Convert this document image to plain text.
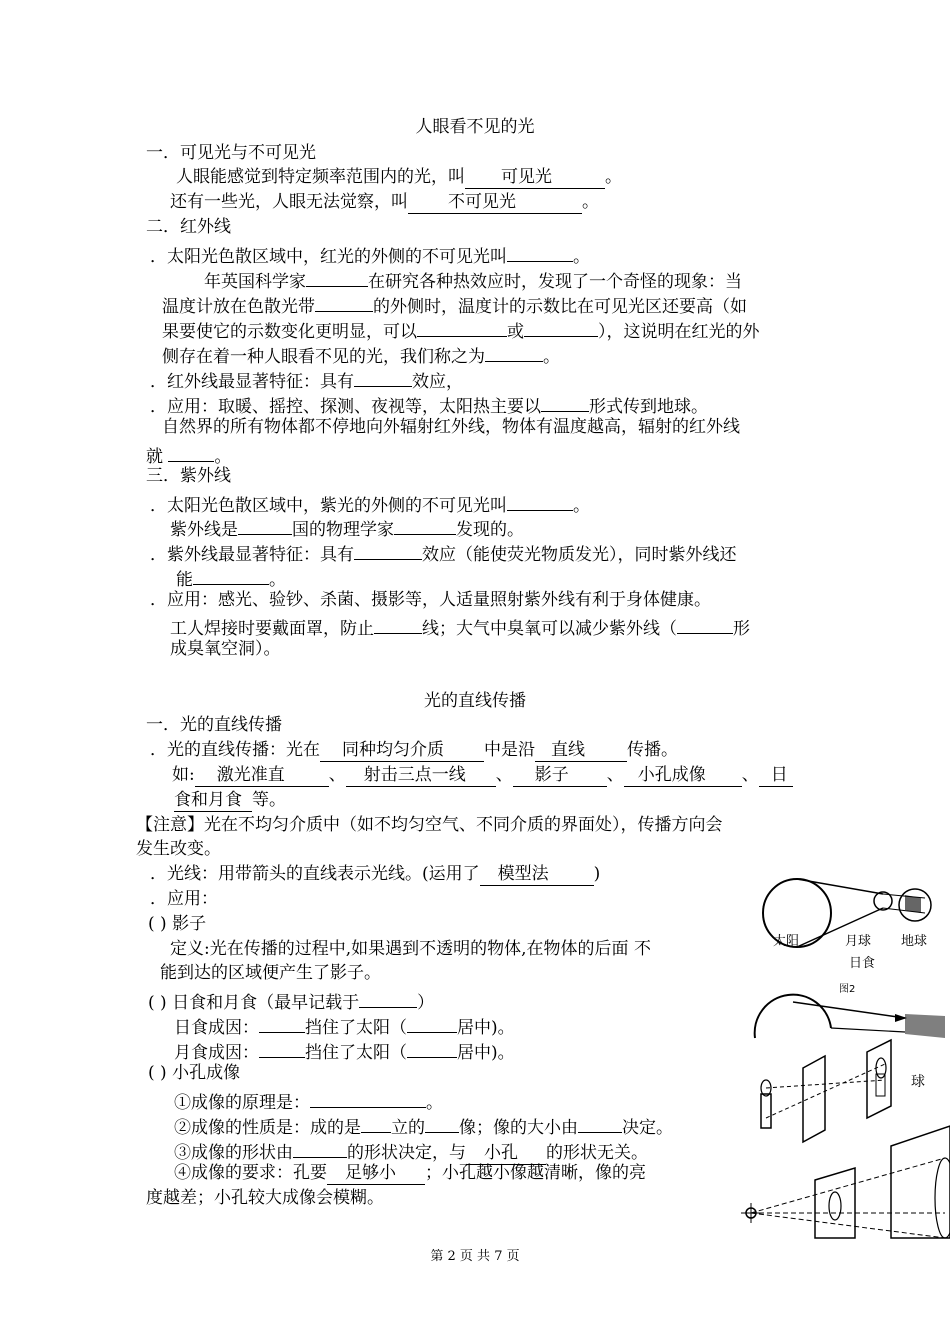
人眼看不见的光
一．可见光与不可见光
人眼能感觉到特定频率范围内的光，叫 可见光	。
还有一些光，人眼无法觉察，叫 不可见光	。
二．红外线
．太阳光色散区域中，红光的外侧的不可见光叫	。
年英国科学家	在研究各种热效应时，发现了一个奇怪的现象：当
温度计放在色散光带	的外侧时，温度计的示数比在可见光区还要高（如
果要使它的示数变化更明显，可以	或	），这说明在红光的外
侧存在着一种人眼看不见的光，我们称之为	。
．红外线最显著特征：具有	效应，
．应用：取暖、摇控、探测、夜视等，太阳热主要以	形式传到地球。
自然界的所有物体都不停地向外辐射红外线，物体有温度越高，辐射的红外线
就	。
三．紫外线
．太阳光色散区域中，紫光的外侧的不可见光叫	。
紫外线是	国的物理学家	发现的。
．紫外线最显著特征：具有	效应（能使荧光物质发光），同时紫外线还
能	。
．应用：感光、验钞、杀菌、摄影等，人适量照射紫外线有利于身体健康。
工人焊接时要戴面罩，防止	线；大气中臭氧可以减少紫外线（	形
成臭氧空洞）。
光的直线传播
一．光的直线传播
．光的直线传播：光在 同种均匀介质 中是沿 直线 传播。
如: 激光准直	、 射击三点一线 、 影子 、 小孔成像 、 日
食和月食 等。
【注意】光在不均匀介质中（如不均匀空气、不同介质的界面处），传播方向会
发生改变。
．光线：用带箭头的直线表示光线。(运用了 模型法	)
．应用：
( ) 影子
定义:光在传播的过程中,如果遇到不透明的物体,在物体的后面 不
能到达的区域便产生了影子。
( ) 日食和月食（最早记载于	）
日食成因：	挡住了太阳（	居中)。
月食成因：	挡住了太阳（	居中)。
( ) 小孔成像
①成像的原理是：	。
②成像的性质是：成的是 立的 像；像的大小由	决定。
③成像的形状由	的形状决定，与 小孔 的形状无关。
④成像的要求：孔要 足够小 ；小孔越小像越清晰，像的亮
度越差；小孔较大成像会模糊。
太阳	月球 地球
日食
图2
球
第 2 页 共 7 页
